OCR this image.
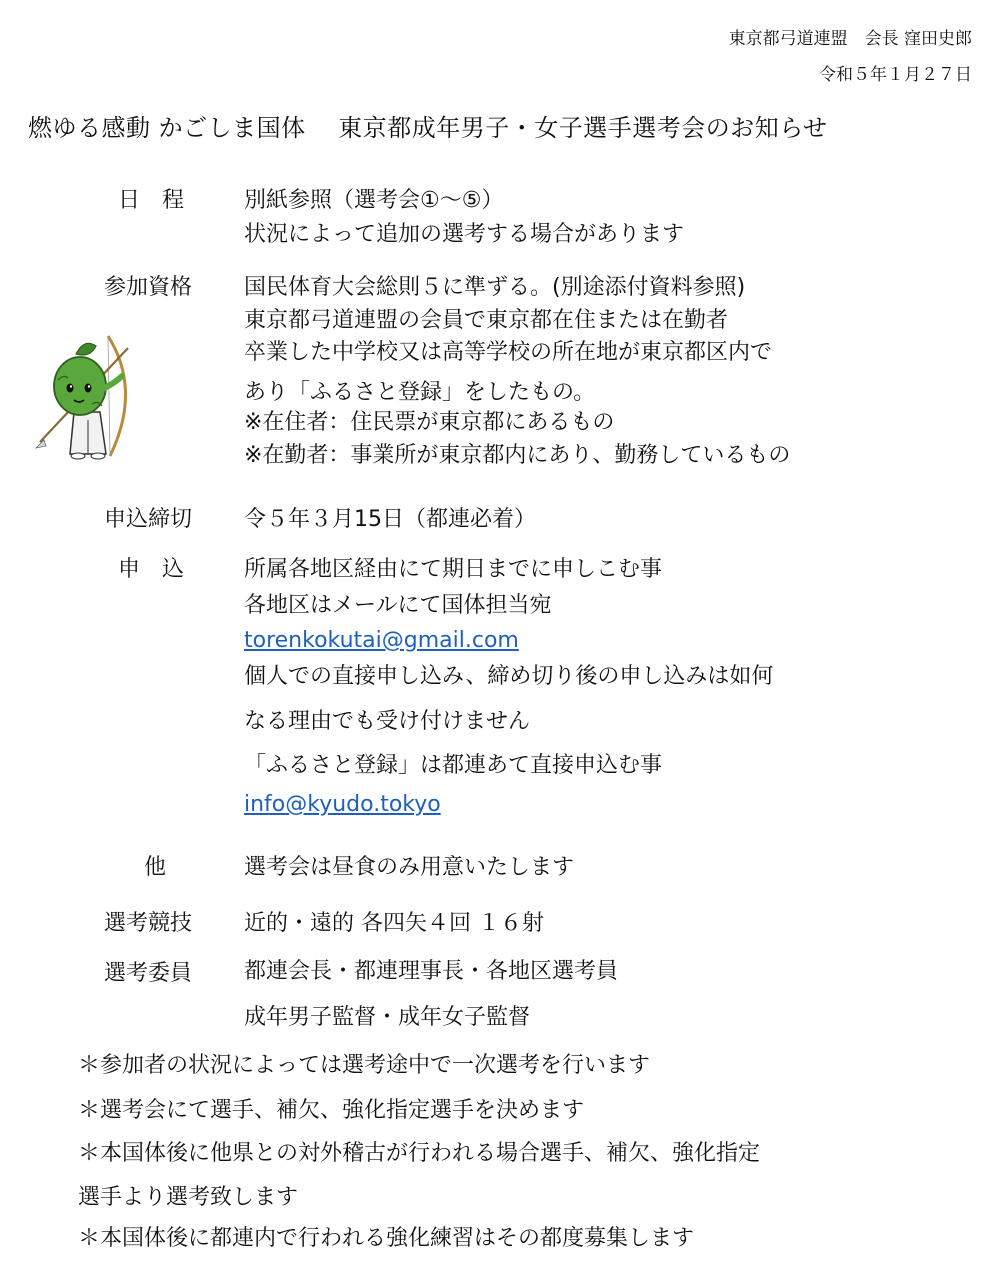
東京都弓道連盟　会長 窪田史郎
令和５年１月２７日
燃ゆる感動 かごしま国体　 東京都成年男子・女子選手選考会のお知らせ
日　程	別紙参照（選考会①〜⑤）
状況によって追加の選考する場合があります
参加資格 国民体育大会総則５に準ずる。(別途添付資料参照)
東京都弓道連盟の会員で東京都在住または在勤者
卒業した中学校又は高等学校の所在地が東京都区内で
あり「ふるさと登録」をしたもの。
※在住者：住民票が東京都にあるもの
※在勤者：事業所が東京都内にあり、勤務しているもの
申込締切 令５年３月15日（都連必着）
申　込	所属各地区経由にて期日までに申しこむ事
各地区はメールにて国体担当宛
torenkokutai@gmail.com
個人での直接申し込み、締め切り後の申し込みは如何
なる理由でも受け付けません
「ふるさと登録」は都連あて直接申込む事
info@kyudo.tokyo
他	選考会は昼食のみ用意いたします
選考競技 近的・遠的 各四矢４回 １６射
選考委員 都連会長・都連理事長・各地区選考員
成年男子監督・成年女子監督
＊参加者の状況によっては選考途中で一次選考を行います
＊選考会にて選手、補欠、強化指定選手を決めます
＊本国体後に他県との対外稽古が行われる場合選手、補欠、強化指定
選手より選考致します
＊本国体後に都連内で行われる強化練習はその都度募集します
